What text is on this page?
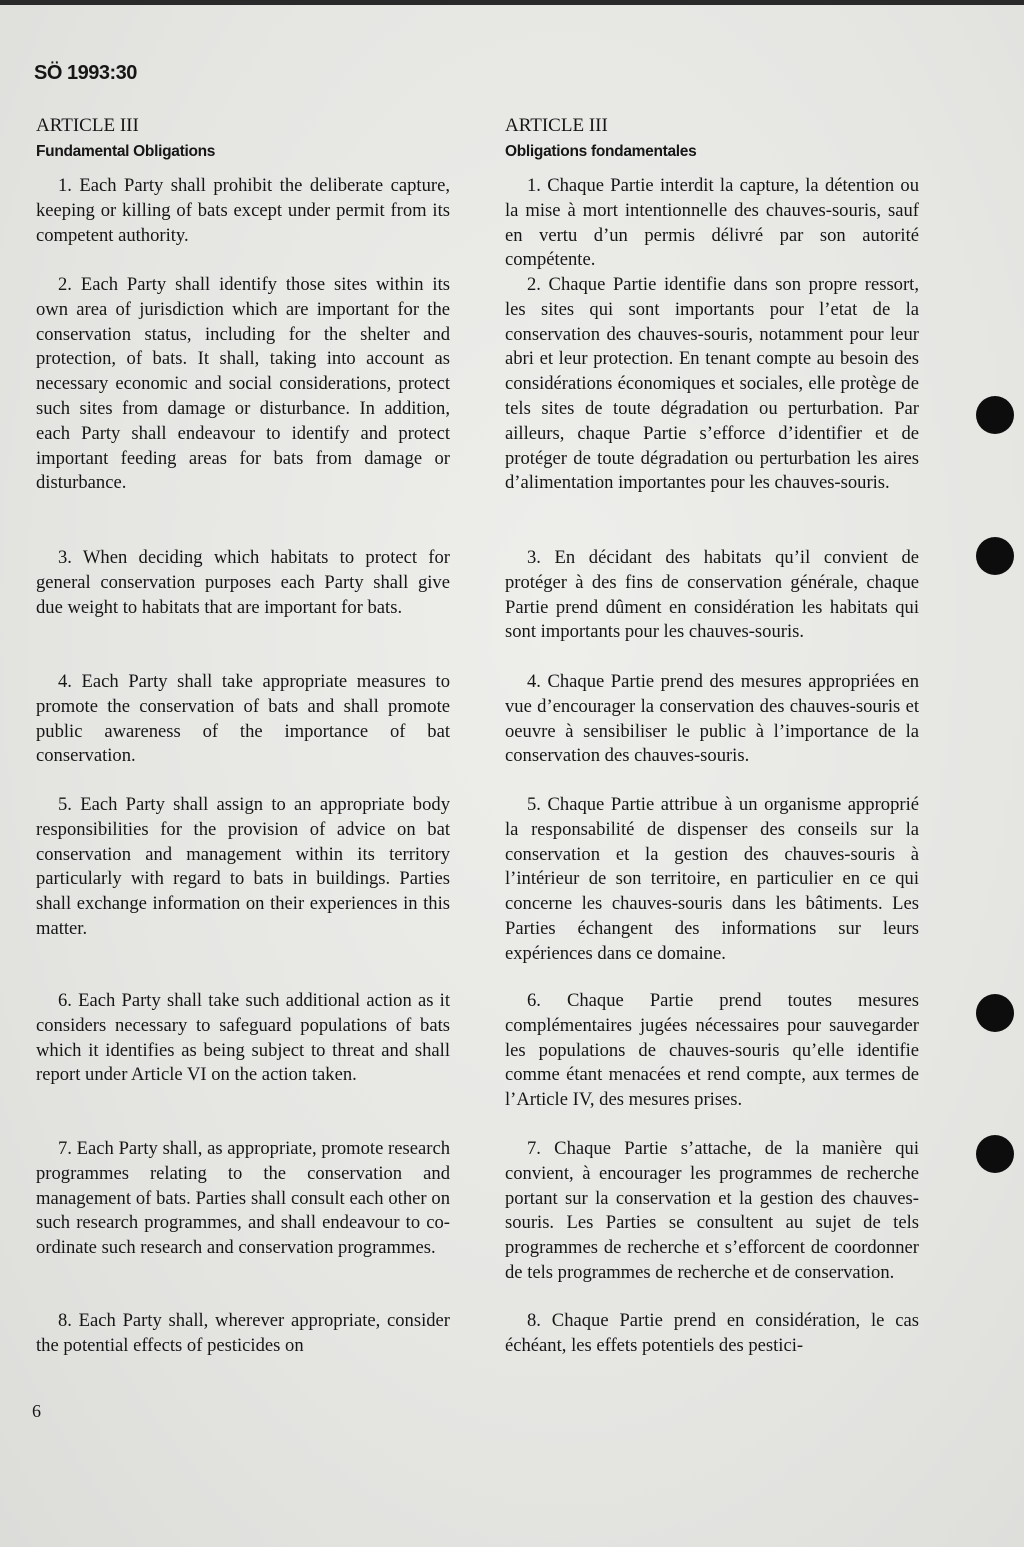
SÖ 1993:30

ARTICLE III
Fundamental Obligations

1. Each Party shall prohibit the deliberate capture, keeping or killing of bats except under permit from its competent authority.

2. Each Party shall identify those sites within its own area of jurisdiction which are important for the conservation status, including for the shelter and protection, of bats. It shall, taking into account as necessary economic and social considerations, protect such sites from damage or disturbance. In addition, each Party shall endeavour to identify and protect important feeding areas for bats from damage or disturbance.

3. When deciding which habitats to protect for general conservation purposes each Party shall give due weight to habitats that are important for bats.

4. Each Party shall take appropriate measures to promote the conservation of bats and shall promote public awareness of the importance of bat conservation.

5. Each Party shall assign to an appropriate body responsibilities for the provision of advice on bat conservation and management within its territory particularly with regard to bats in buildings. Parties shall exchange information on their experiences in this matter.

6. Each Party shall take such additional action as it considers necessary to safeguard populations of bats which it identifies as being subject to threat and shall report under Article VI on the action taken.

7. Each Party shall, as appropriate, promote research programmes relating to the conservation and management of bats. Parties shall consult each other on such research programmes, and shall endeavour to co-ordinate such research and conservation programmes.

8. Each Party shall, wherever appropriate, consider the potential effects of pesticides on

ARTICLE III
Obligations fondamentales

1. Chaque Partie interdit la capture, la détention ou la mise à mort intentionnelle des chauves-souris, sauf en vertu d’un permis délivré par son autorité compétente.

2. Chaque Partie identifie dans son propre ressort, les sites qui sont importants pour l’etat de la conservation des chauves-souris, notamment pour leur abri et leur protection. En tenant compte au besoin des considérations économiques et sociales, elle protège de tels sites de toute dégradation ou perturbation. Par ailleurs, chaque Partie s’efforce d’identifier et de protéger de toute dégradation ou perturbation les aires d’alimentation importantes pour les chauves-souris.

3. En décidant des habitats qu’il convient de protéger à des fins de conservation générale, chaque Partie prend dûment en considération les habitats qui sont importants pour les chauves-souris.

4. Chaque Partie prend des mesures appropriées en vue d’encourager la conservation des chauves-souris et oeuvre à sensibiliser le public à l’importance de la conservation des chauves-souris.

5. Chaque Partie attribue à un organisme approprié la responsabilité de dispenser des conseils sur la conservation et la gestion des chauves-souris à l’intérieur de son territoire, en particulier en ce qui concerne les chauves-souris dans les bâtiments. Les Parties échangent des informations sur leurs expériences dans ce domaine.

6. Chaque Partie prend toutes mesures complémentaires jugées nécessaires pour sauvegarder les populations de chauves-souris qu’elle identifie comme étant menacées et rend compte, aux termes de l’Article IV, des mesures prises.

7. Chaque Partie s’attache, de la manière qui convient, à encourager les programmes de recherche portant sur la conservation et la gestion des chauves-souris. Les Parties se consultent au sujet de tels programmes de recherche et s’efforcent de coordonner de tels programmes de recherche et de conservation.

8. Chaque Partie prend en considération, le cas échéant, les effets potentiels des pestici-

6
